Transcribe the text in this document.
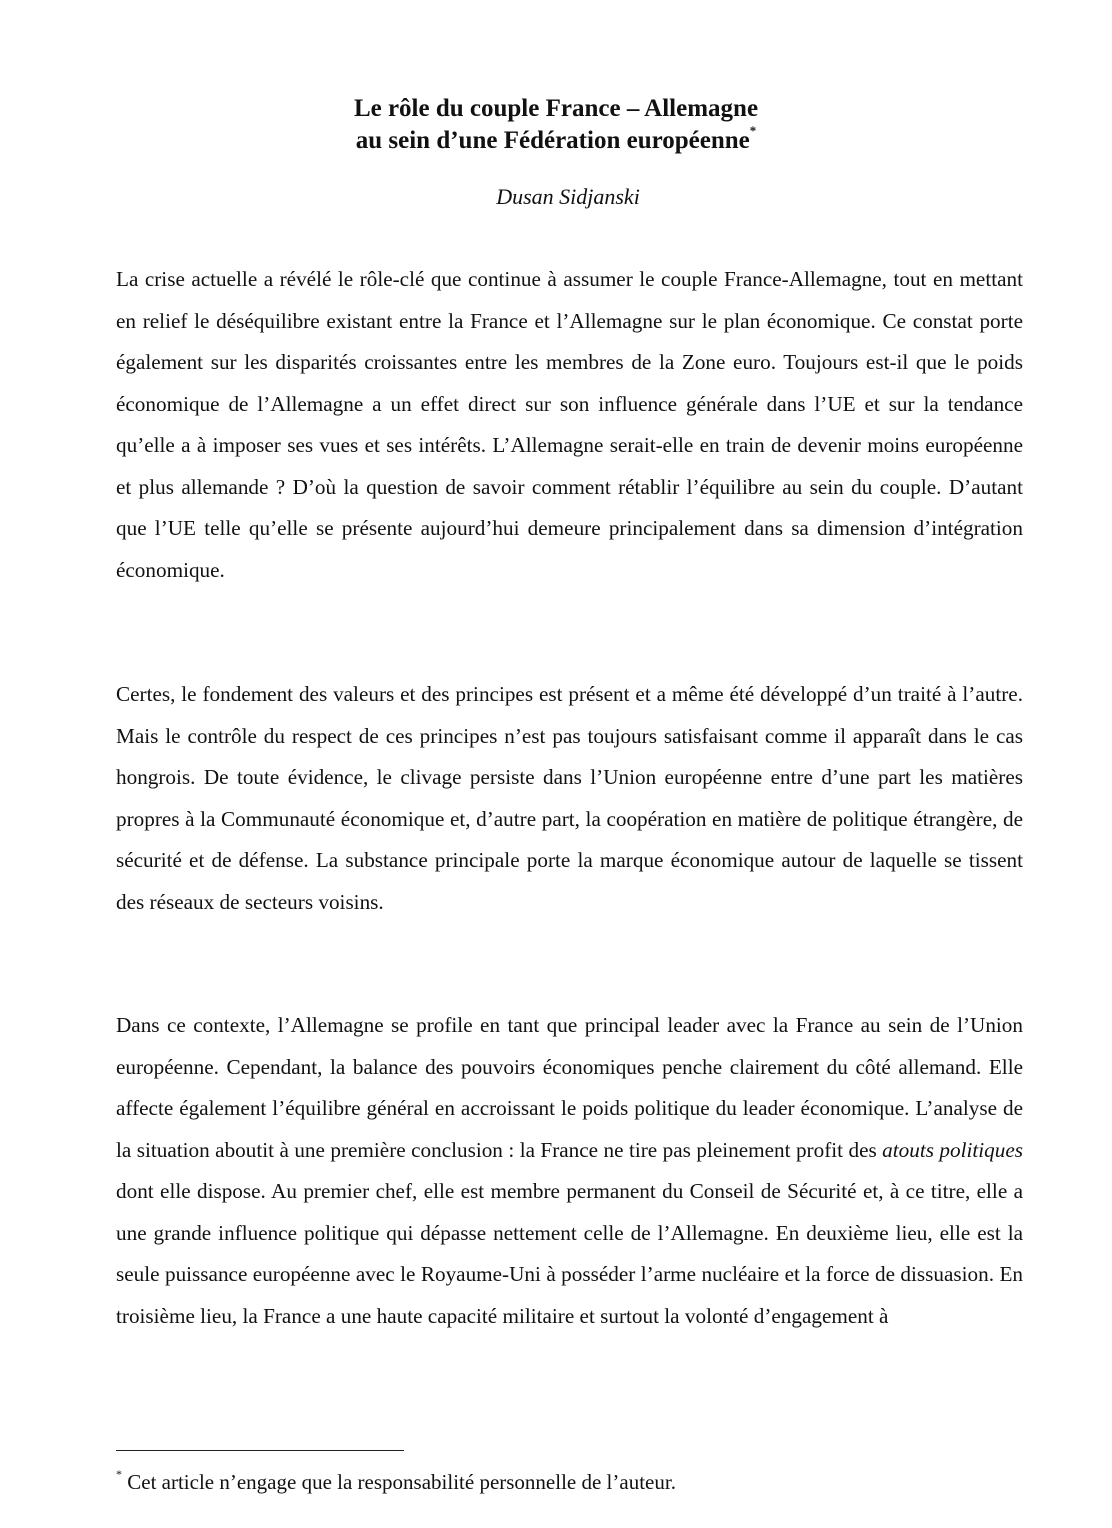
Le rôle du couple France – Allemagne
au sein d’une Fédération européenne*

Dusan Sidjanski

La crise actuelle a révélé le rôle-clé que continue à assumer le couple France-Allemagne, tout en mettant en relief le déséquilibre existant entre la France et l’Allemagne sur le plan économique. Ce constat porte également sur les disparités croissantes entre les membres de la Zone euro. Toujours est-il que le poids économique de l’Allemagne a un effet direct sur son influence générale dans l’UE et sur la tendance qu’elle a à imposer ses vues et ses intérêts. L’Allemagne serait-elle en train de devenir moins européenne et plus allemande ? D’où la question de savoir comment rétablir l’équilibre au sein du couple. D’autant que l’UE telle qu’elle se présente aujourd’hui demeure principalement dans sa dimension d’intégration économique.

Certes, le fondement des valeurs et des principes est présent et a même été développé d’un traité à l’autre. Mais le contrôle du respect de ces principes n’est pas toujours satisfaisant comme il apparaît dans le cas hongrois. De toute évidence, le clivage persiste dans l’Union européenne entre d’une part les matières propres à la Communauté économique et, d’autre part, la coopération en matière de politique étrangère, de sécurité et de défense. La substance principale porte la marque économique autour de laquelle se tissent des réseaux de secteurs voisins.

Dans ce contexte, l’Allemagne se profile en tant que principal leader avec la France au sein de l’Union européenne. Cependant, la balance des pouvoirs économiques penche clairement du côté allemand. Elle affecte également l’équilibre général en accroissant le poids politique du leader économique. L’analyse de la situation aboutit à une première conclusion : la France ne tire pas pleinement profit des atouts politiques dont elle dispose. Au premier chef, elle est membre permanent du Conseil de Sécurité et, à ce titre, elle a une grande influence politique qui dépasse nettement celle de l’Allemagne. En deuxième lieu, elle est la seule puissance européenne avec le Royaume-Uni à posséder l’arme nucléaire et la force de dissuasion. En troisième lieu, la France a une haute capacité militaire et surtout la volonté d’engagement à

* Cet article n’engage que la responsabilité personnelle de l’auteur.
